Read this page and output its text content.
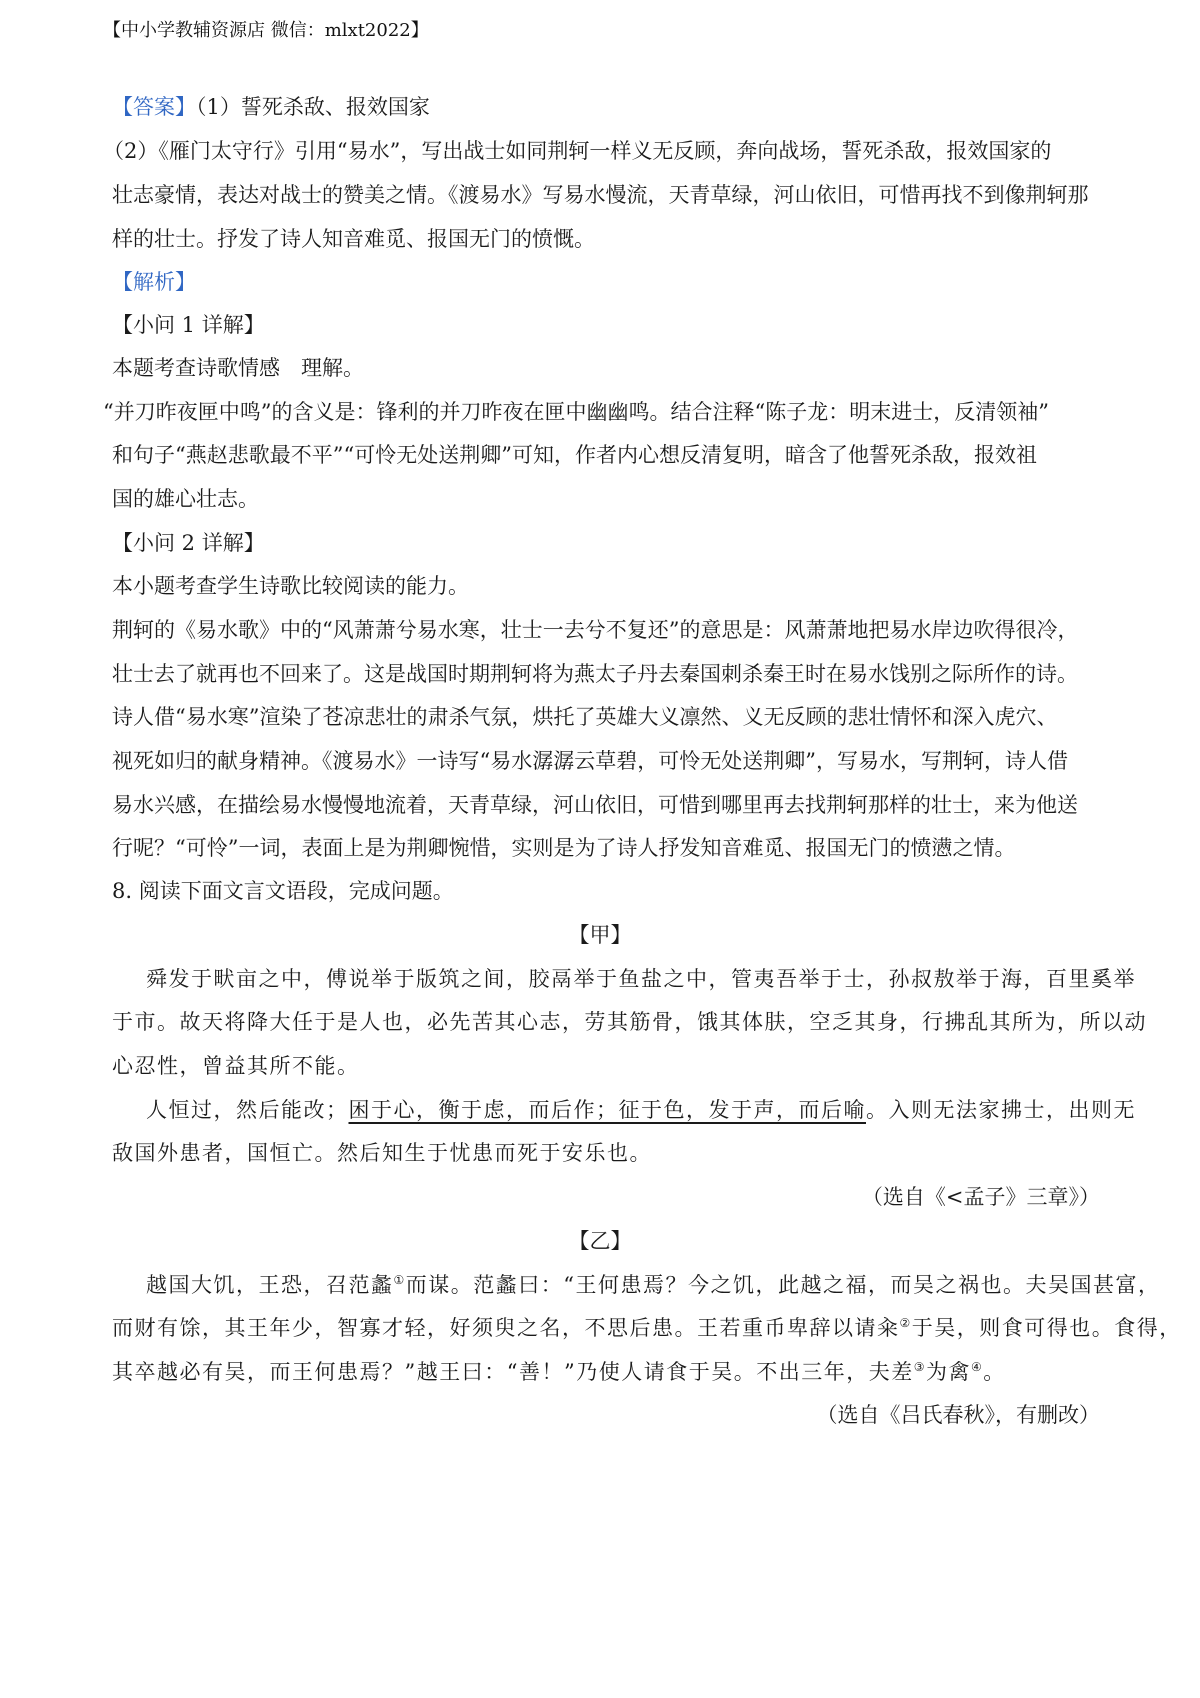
【中小学教辅资源店 微信：mlxt2022】
【答案】（1）誓死杀敌、报效国家
（2）《雁门太守行》引用“易水”，写出战士如同荆轲一样义无反顾，奔向战场，誓死杀敌，报效国家的
壮志豪情，表达对战士的赞美之情。《渡易水》写易水慢流，天青草绿，河山依旧，可惜再找不到像荆轲那
样的壮士。抒发了诗人知音难觅、报国无门的愤慨。
【解析】
【小问 1 详解】
本题考查诗歌情感　理解。
“并刀昨夜匣中鸣”的含义是：锋利的并刀昨夜在匣中幽幽鸣。结合注释“陈子龙：明末进士，反清领袖”
和句子“燕赵悲歌最不平”“可怜无处送荆卿”可知，作者内心想反清复明，暗含了他誓死杀敌，报效祖
国的雄心壮志。
【小问 2 详解】
本小题考查学生诗歌比较阅读的能力。
荆轲的《易水歌》中的“风萧萧兮易水寒，壮士一去兮不复还”的意思是：风萧萧地把易水岸边吹得很冷，
壮士去了就再也不回来了。这是战国时期荆轲将为燕太子丹去秦国刺杀秦王时在易水饯别之际所作的诗。
诗人借“易水寒”渲染了苍凉悲壮的肃杀气氛，烘托了英雄大义凛然、义无反顾的悲壮情怀和深入虎穴、
视死如归的献身精神。《渡易水》一诗写“易水潺潺云草碧，可怜无处送荆卿”，写易水，写荆轲，诗人借
易水兴感，在描绘易水慢慢地流着，天青草绿，河山依旧，可惜到哪里再去找荆轲那样的壮士，来为他送
行呢？“可怜”一词，表面上是为荆卿惋惜，实则是为了诗人抒发知音难觅、报国无门的愤懑之情。
8. 阅读下面文言文语段，完成问题。
【甲】
舜发于畎亩之中，傅说举于版筑之间，胶鬲举于鱼盐之中，管夷吾举于士，孙叔敖举于海，百里奚举
于市。故天将降大任于是人也，必先苦其心志，劳其筋骨，饿其体肤，空乏其身，行拂乱其所为，所以动
心忍性，曾益其所不能。
人恒过，然后能改；困于心，衡于虑，而后作；征于色，发于声，而后喻。入则无法家拂士，出则无
敌国外患者，国恒亡。然后知生于忧患而死于安乐也。
（选自《<孟子》三章》）
【乙】
越国大饥，王恐，召范蠡①而谋。范蠡曰：“王何患焉？今之饥，此越之福，而吴之祸也。夫吴国甚富，
而财有馀，其王年少，智寡才轻，好须臾之名，不思后患。王若重币卑辞以请籴②于吴，则食可得也。食得，
其卒越必有吴，而王何患焉？”越王曰：“善！”乃使人请食于吴。不出三年，夫差③为禽④。
（选自《吕氏春秋》，有删改）
